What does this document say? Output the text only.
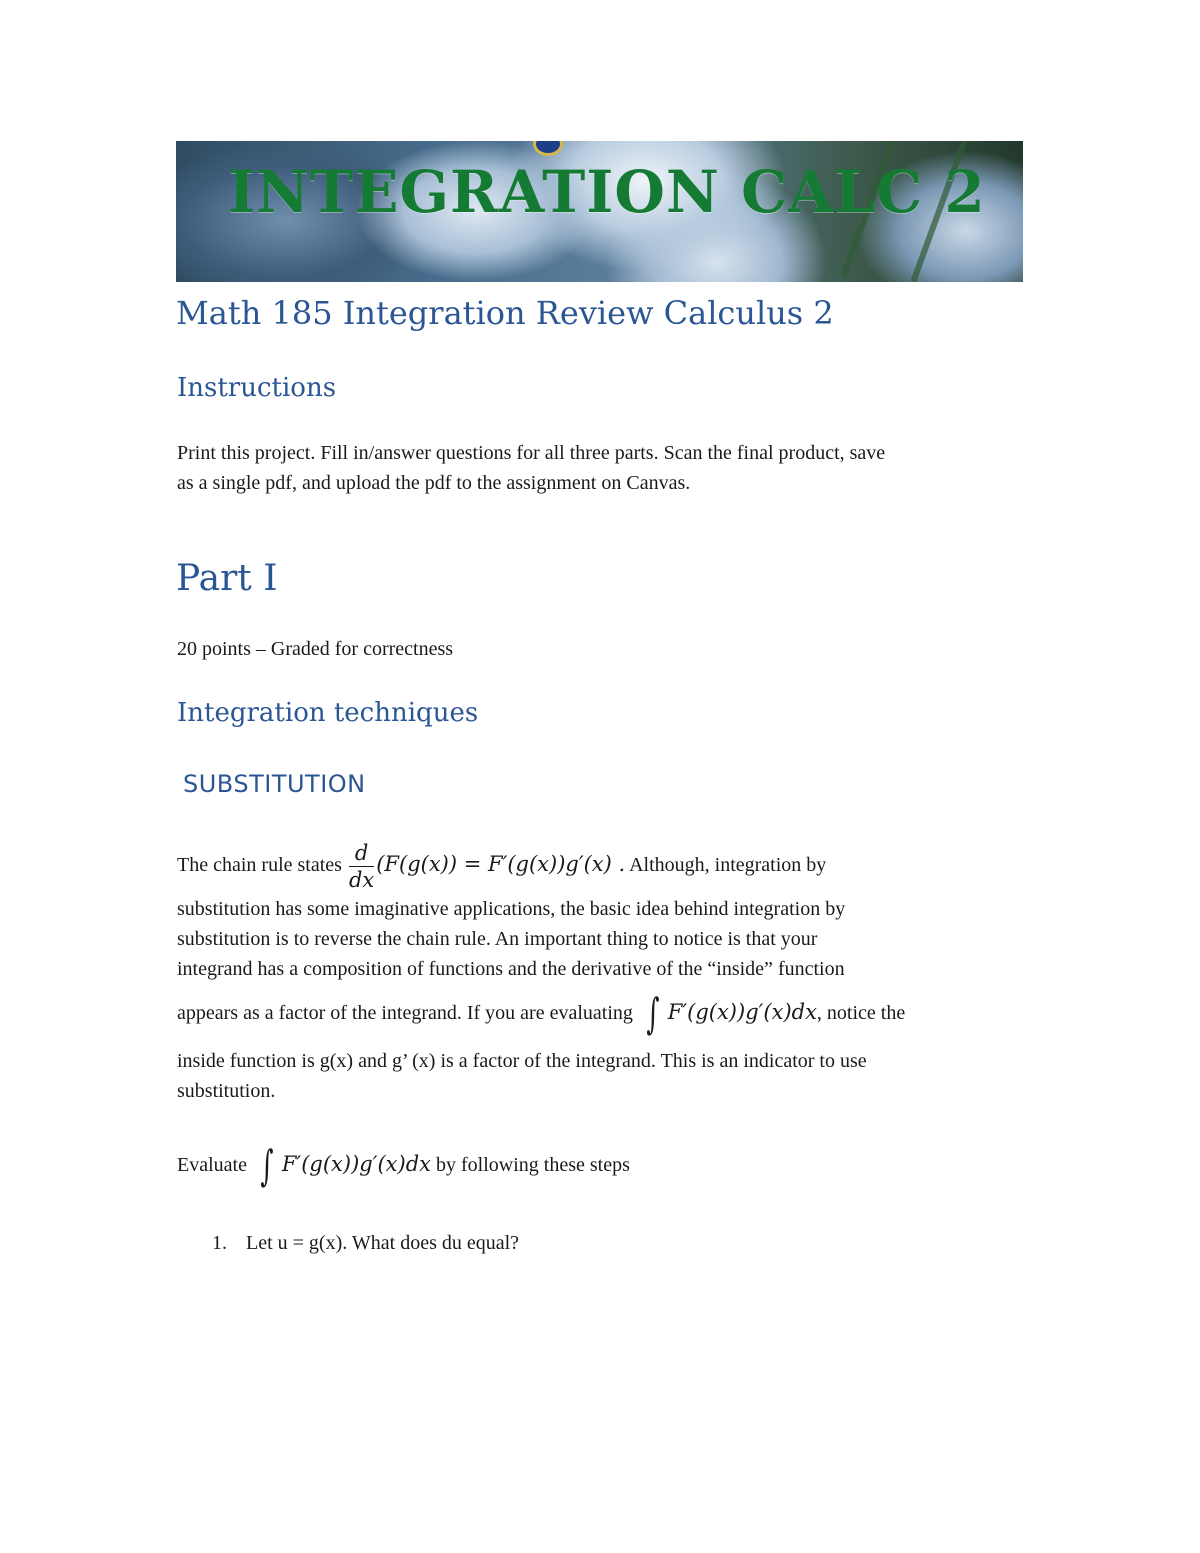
INTEGRATION CALC 2
Math 185 Integration Review Calculus 2
Instructions

Print this project. Fill in/answer questions for all three parts. Scan the final product, save

as a single pdf, and upload the pdf to the assignment on Canvas.

Part I

20 points – Graded for correctness

Integration techniques
SUBSTITUTION

The chain rule states $\frac{d}{dx} (F(g(x)) = F'(g(x))g'(x)$ . Although, integration by

substitution has some imaginative applications, the basic idea behind integration by

substitution is to reverse the chain rule. An important thing to notice is that your

integrand has a composition of functions and the derivative of the “inside” function

appears as a factor of the integrand. If you are evaluating ∫ F′(g(x))g′(x)dx, notice the

inside function is g(x) and g’ (x) is a factor of the integrand. This is an indicator to use

substitution.

Evaluate ∫ F′(g(x))g′(x)dx by following these steps

1. Let u = g(x). What does du equal?
